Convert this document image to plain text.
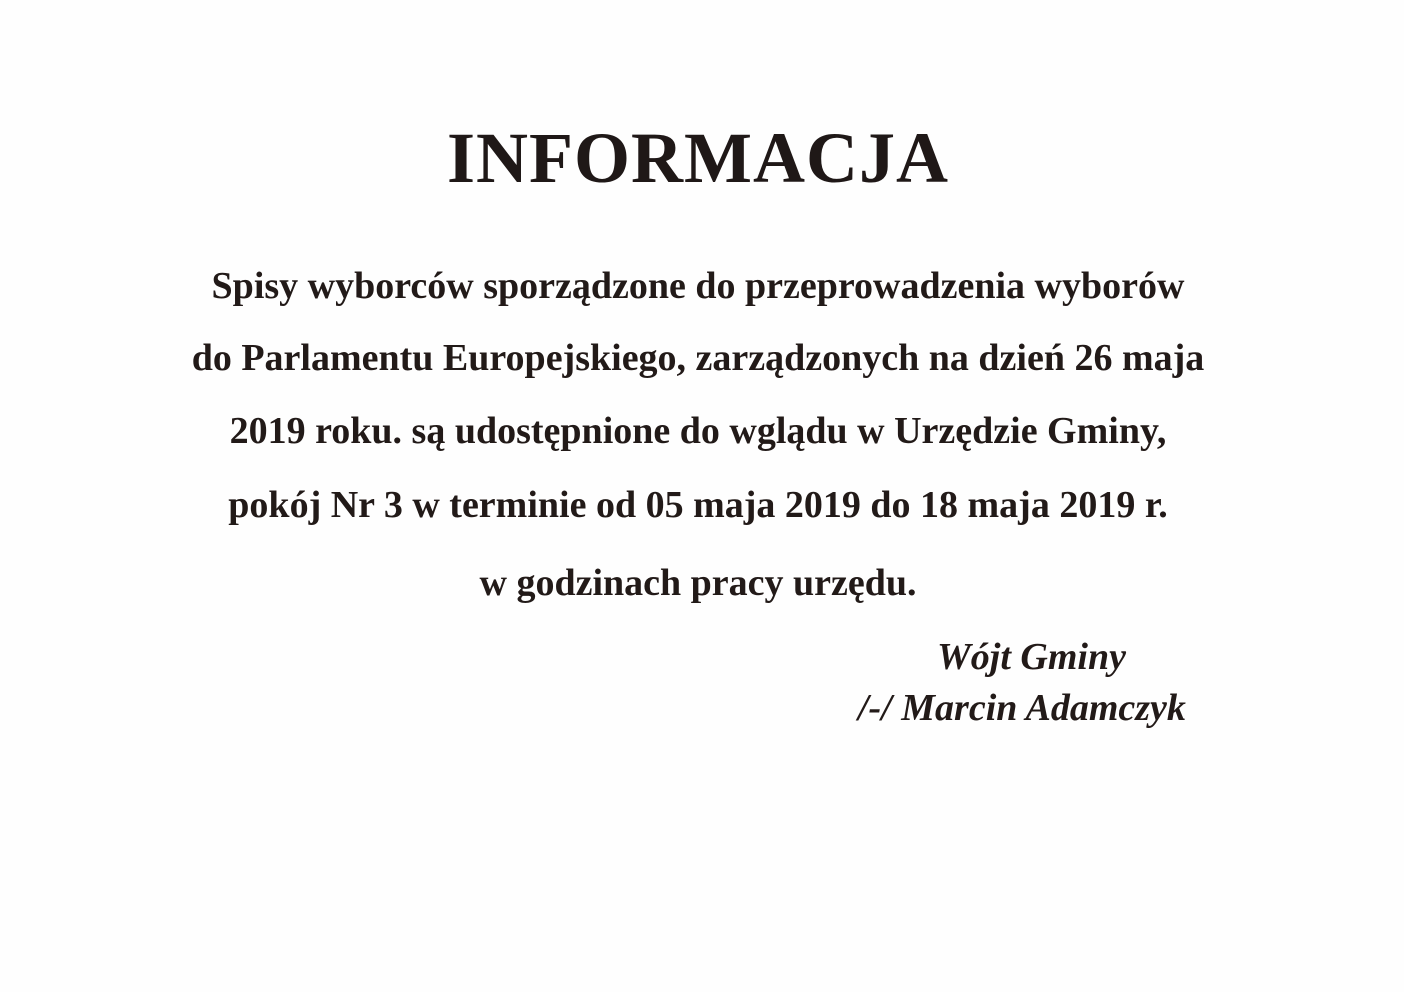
INFORMACJA
Spisy wyborców sporządzone do przeprowadzenia wyborów
do Parlamentu Europejskiego, zarządzonych na dzień 26 maja
2019 roku. są udostępnione do wglądu w Urzędzie Gminy,
pokój Nr 3 w terminie od 05 maja 2019 do 18 maja 2019 r.
w godzinach pracy urzędu.
Wójt Gminy
/-/ Marcin Adamczyk
